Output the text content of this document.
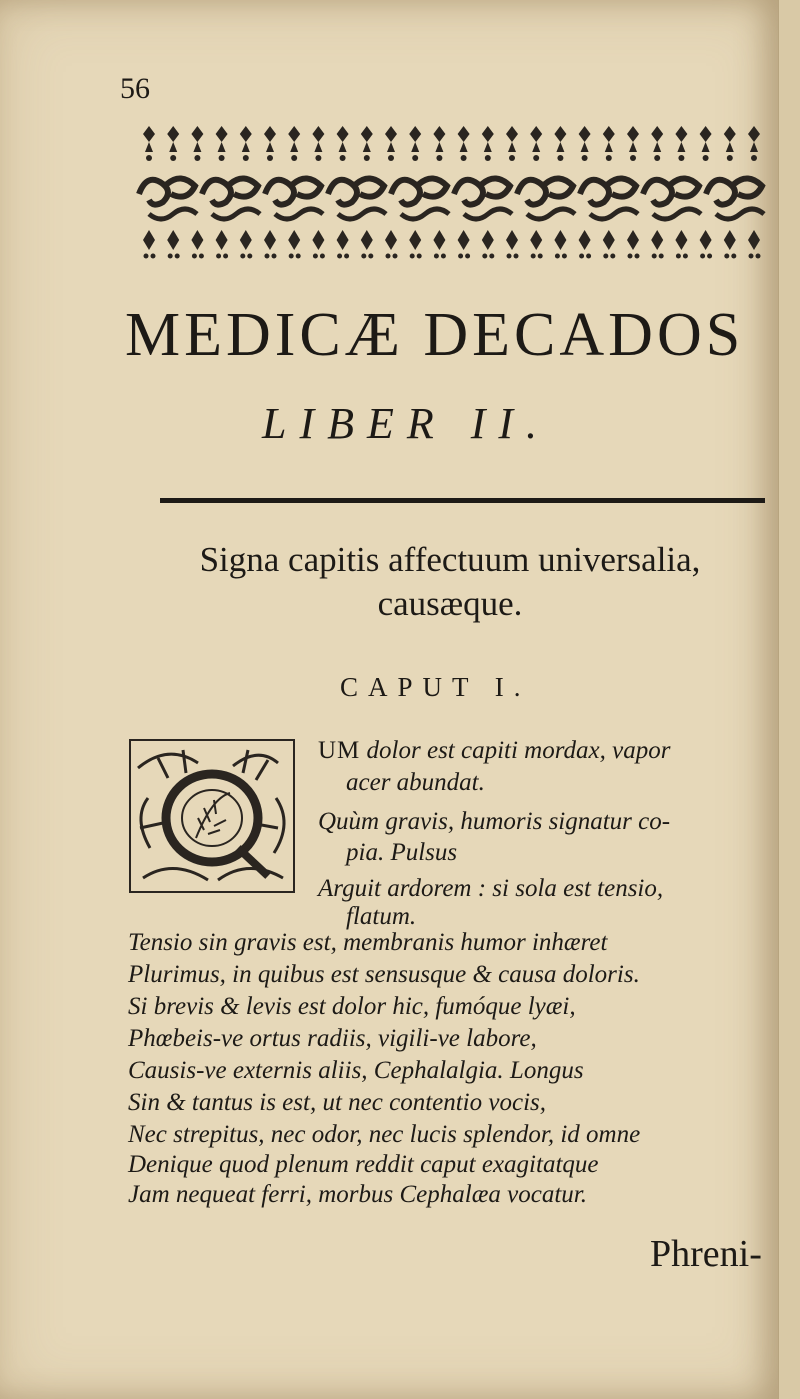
56
MEDICÆ DECADOS
LIBER II.
Signa capitis affectuum universalia,
causæque.
CAPUT I.
UM dolor est capiti mordax, vapor
acer abundat.
Quùm gravis, humoris signatur co-
pia. Pulsus
Arguit ardorem : si sola est tensio,
flatum.
Tensio sin gravis est, membranis humor inhæret
Plurimus, in quibus est sensusque & causa doloris.
Si brevis & levis est dolor hic, fumóque lyæi,
Phœbeis-ve ortus radiis, vigili-ve labore,
Causis-ve externis aliis, Cephalalgia. Longus
Sin & tantus is est, ut nec contentio vocis,
Nec strepitus, nec odor, nec lucis splendor, id omne
Denique quod plenum reddit caput exagitatque
Jam nequeat ferri, morbus Cephalæa vocatur.
Phreni-
